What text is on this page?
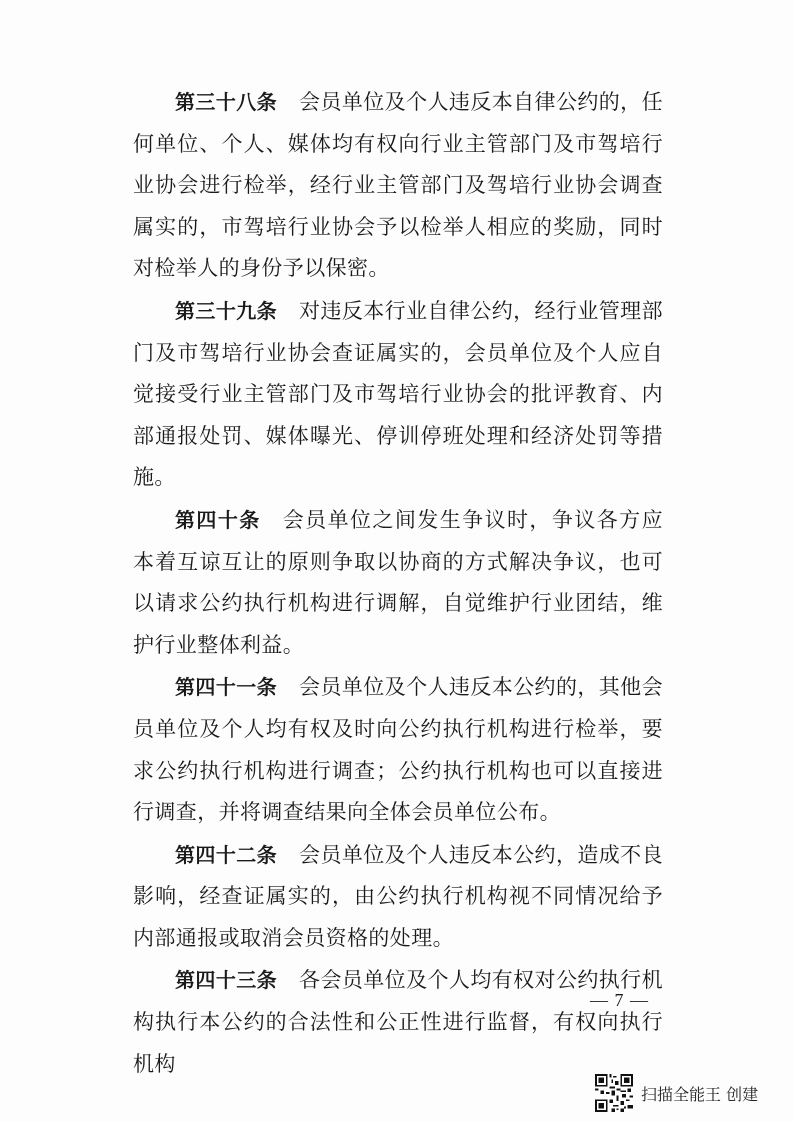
第三十八条 会员单位及个人违反本自律公约的，任何单位、个人、媒体均有权向行业主管部门及市驾培行业协会进行检举，经行业主管部门及驾培行业协会调查属实的，市驾培行业协会予以检举人相应的奖励，同时对检举人的身份予以保密。

第三十九条 对违反本行业自律公约，经行业管理部门及市驾培行业协会查证属实的，会员单位及个人应自觉接受行业主管部门及市驾培行业协会的批评教育、内部通报处罚、媒体曝光、停训停班处理和经济处罚等措施。

第四十条 会员单位之间发生争议时，争议各方应本着互谅互让的原则争取以协商的方式解决争议，也可以请求公约执行机构进行调解，自觉维护行业团结，维护行业整体利益。

第四十一条 会员单位及个人违反本公约的，其他会员单位及个人均有权及时向公约执行机构进行检举，要求公约执行机构进行调查；公约执行机构也可以直接进行调查，并将调查结果向全体会员单位公布。

第四十二条 会员单位及个人违反本公约，造成不良影响，经查证属实的，由公约执行机构视不同情况给予内部通报或取消会员资格的处理。

第四十三条 各会员单位及个人均有权对公约执行机构执行本公约的合法性和公正性进行监督，有权向执行机构

— 7 —
扫描全能王 创建
